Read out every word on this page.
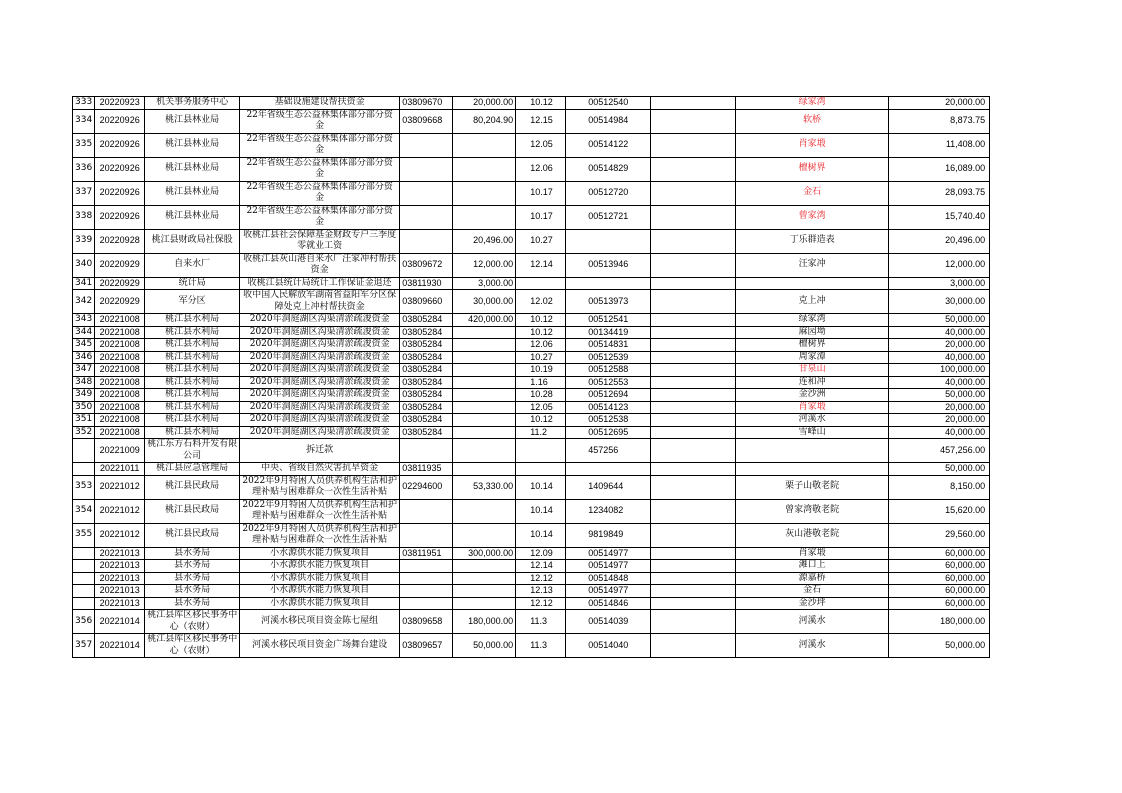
333	20220923	机关事务服务中心	基础设施建设帮扶资金	03809670	20,000.00	10.12	00512540		绿家湾	20,000.00
334	20220926	桃江县林业局	22年省级生态公益林集体部分部分资金	03809668	80,204.90	12.15	00514984		软桥	8,873.75
335	20220926	桃江县林业局	22年省级生态公益林集体部分部分资金			12.05	00514122		肖家塅	11,408.00
336	20220926	桃江县林业局	22年省级生态公益林集体部分部分资金			12.06	00514829		檀树界	16,089.00
337	20220926	桃江县林业局	22年省级生态公益林集体部分部分资金			10.17	00512720		金石	28,093.75
338	20220926	桃江县林业局	22年省级生态公益林集体部分部分资金			10.17	00512721		曾家湾	15,740.40
339	20220928	桃江县财政局社保股	收桃江县社会保障基金财政专户三季度零就业工资		20,496.00	10.27			丁乐群造表	20,496.00
340	20220929	自来水厂	收桃江县灰山港自来水厂汪家冲村帮扶资金	03809672	12,000.00	12.14	00513946		汪家冲	12,000.00
341	20220929	统计局	收桃江县统计局统计工作保证金退还	03811930	3,000.00					3,000.00
342	20220929	军分区	收中国人民解放军湖南省益阳军分区保障处克上冲村帮扶资金	03809660	30,000.00	12.02	00513973		克上冲	30,000.00
343	20221008	桃江县水利局	2020年洞庭湖区沟渠清淤疏浚资金	03805284	420,000.00	10.12	00512541		绿家湾	50,000.00
344	20221008	桃江县水利局	2020年洞庭湖区沟渠清淤疏浚资金	03805284		10.12	00134419		麻园坳	40,000.00
345	20221008	桃江县水利局	2020年洞庭湖区沟渠清淤疏浚资金	03805284		12.06	00514831		檀树界	20,000.00
346	20221008	桃江县水利局	2020年洞庭湖区沟渠清淤疏浚资金	03805284		10.27	00512539		周家潭	40,000.00
347	20221008	桃江县水利局	2020年洞庭湖区沟渠清淤疏浚资金	03805284		10.19	00512588		甘泉山	100,000.00
348	20221008	桃江县水利局	2020年洞庭湖区沟渠清淤疏浚资金	03805284		1.16	00512553		连和冲	40,000.00
349	20221008	桃江县水利局	2020年洞庭湖区沟渠清淤疏浚资金	03805284		10.28	00512694		金沙洲	50,000.00
350	20221008	桃江县水利局	2020年洞庭湖区沟渠清淤疏浚资金	03805284		12.05	00514123		肖家塅	20,000.00
351	20221008	桃江县水利局	2020年洞庭湖区沟渠清淤疏浚资金	03805284		10.12	00512538		河溪水	20,000.00
352	20221008	桃江县水利局	2020年洞庭湖区沟渠清淤疏浚资金	03805284		11.2	00512695		雪峰山	40,000.00
	20221009	桃江东方石料开发有限公司	拆迁款				457256			457,256.00
	20221011	桃江县应急管理局	中央、省级自然灾害抗旱资金	03811935						50,000.00
353	20221012	桃江县民政局	2022年9月特困人员供养机构生活和护理补贴与困难群众一次性生活补贴	02294600	53,330.00	10.14	1409644		栗子山敬老院	8,150.00
354	20221012	桃江县民政局	2022年9月特困人员供养机构生活和护理补贴与困难群众一次性生活补贴			10.14	1234082		曾家湾敬老院	15,620.00
355	20221012	桃江县民政局	2022年9月特困人员供养机构生活和护理补贴与困难群众一次性生活补贴			10.14	9819849		灰山港敬老院	29,560.00
	20221013	县水务局	小水源供水能力恢复项目	03811951	300,000.00	12.09	00514977		肖家塅	60,000.00
	20221013	县水务局	小水源供水能力恢复项目			12.14	00514977		滩口上	60,000.00
	20221013	县水务局	小水源供水能力恢复项目			12.12	00514848		源嘉桥	60,000.00
	20221013	县水务局	小水源供水能力恢复项目			12.13	00514977		金石	60,000.00
	20221013	县水务局	小水源供水能力恢复项目			12.12	00514846		金沙坪	60,000.00
356	20221014	桃江县库区移民事务中心（农财）	河溪水移民项目资金陈七屋组	03809658	180,000.00	11.3	00514039		河溪水	180,000.00
357	20221014	桃江县库区移民事务中心（农财）	河溪水移民项目资金广场舞台建设	03809657	50,000.00	11.3	00514040		河溪水	50,000.00
